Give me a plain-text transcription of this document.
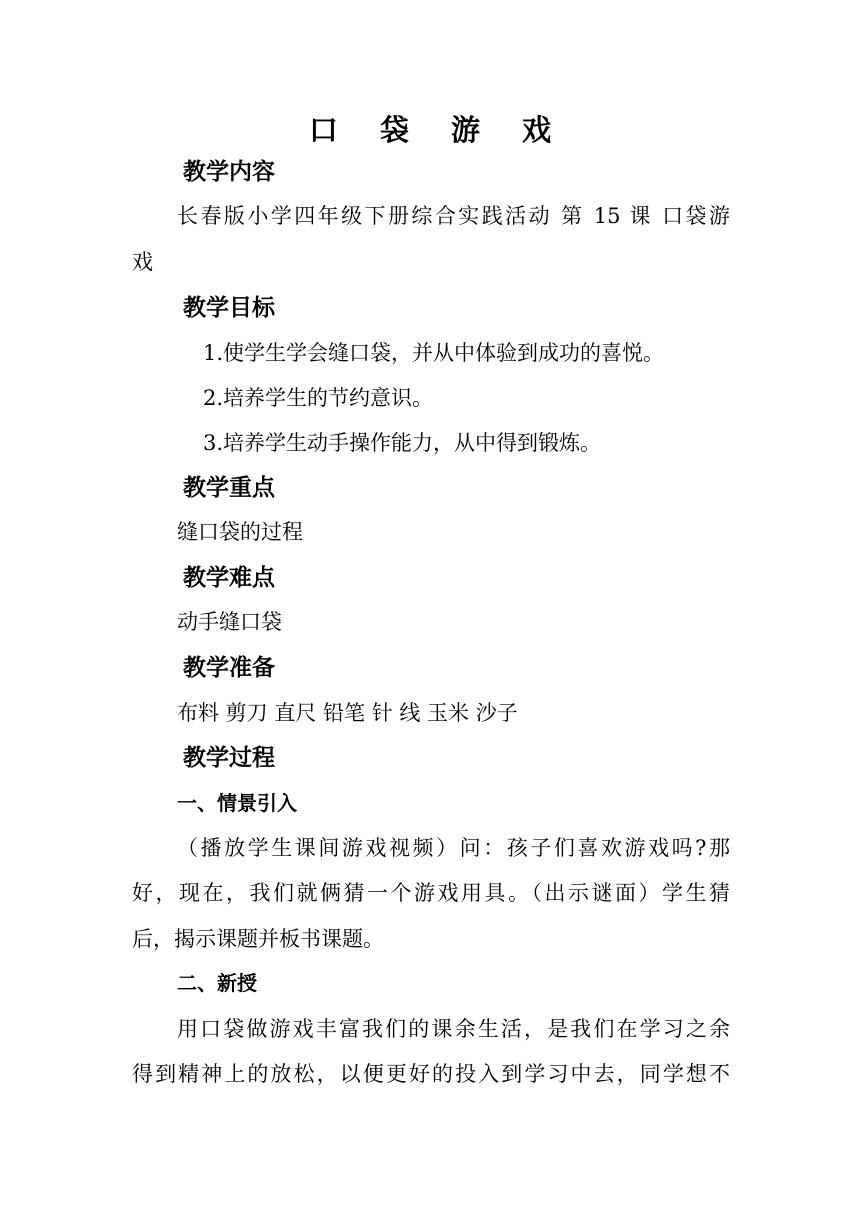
口 袋 游 戏
教学内容
长春版小学四年级下册综合实践活动 第 15 课 口袋游
戏
教学目标
1.使学生学会缝口袋，并从中体验到成功的喜悦。
2.培养学生的节约意识。
3.培养学生动手操作能力，从中得到锻炼。
教学重点
缝口袋的过程
教学难点
动手缝口袋
教学准备
布料 剪刀 直尺 铅笔 针 线 玉米 沙子
教学过程
一、情景引入
（播放学生课间游戏视频）问：孩子们喜欢游戏吗?那
好，现在，我们就俩猜一个游戏用具。（出示谜面）学生猜
后，揭示课题并板书课题。
二、新授
用口袋做游戏丰富我们的课余生活，是我们在学习之余
得到精神上的放松，以便更好的投入到学习中去，同学想不
